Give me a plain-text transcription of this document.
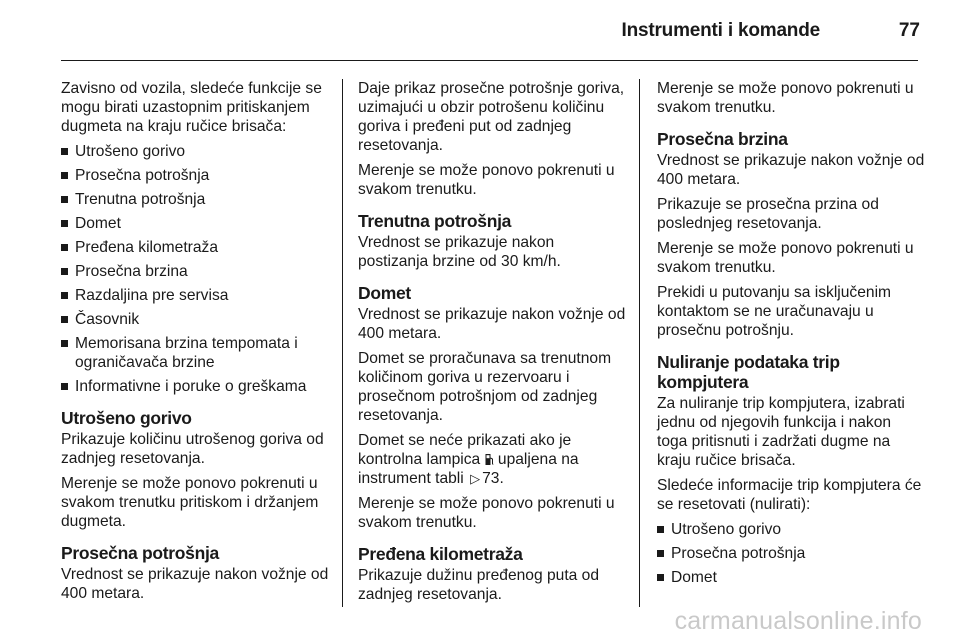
Instrumenti i komande	77

Zavisno od vozila, sledeće funkcije se mogu birati uzastopnim pritiskanjem dugmeta na kraju ručice brisača:

Utrošeno gorivo
Prosečna potrošnja
Trenutna potrošnja
Domet
Pređena kilometraža
Prosečna brzina
Razdaljina pre servisa
Časovnik
Memorisana brzina tempomata i ograničavača brzine
Informativne i poruke o greškama
Utrošeno gorivo

Prikazuje količinu utrošenog goriva od zadnjeg resetovanja.

Merenje se može ponovo pokrenuti u svakom trenutku pritiskom i držanjem dugmeta.

Prosečna potrošnja

Vrednost se prikazuje nakon vožnje od 400 metara.

Daje prikaz prosečne potrošnje goriva, uzimajući u obzir potrošenu količinu goriva i pređeni put od zadnjeg resetovanja.

Merenje se može ponovo pokrenuti u svakom trenutku.

Trenutna potrošnja

Vrednost se prikazuje nakon postizanja brzine od 30 km/h.

Domet

Vrednost se prikazuje nakon vožnje od 400 metara.

Domet se proračunava sa trenutnom količinom goriva u rezervoaru i prosečnom potrošnjom od zadnjeg resetovanja.

Domet se neće prikazati ako je kontrolna lampica upaljena na instrument tabli ▷ 73.

Merenje se može ponovo pokrenuti u svakom trenutku.

Pređena kilometraža

Prikazuje dužinu pređenog puta od zadnjeg resetovanja.

Merenje se može ponovo pokrenuti u svakom trenutku.

Prosečna brzina

Vrednost se prikazuje nakon vožnje od 400 metara.

Prikazuje se prosečna przina od poslednjeg resetovanja.

Merenje se može ponovo pokrenuti u svakom trenutku.

Prekidi u putovanju sa isključenim kontaktom se ne uračunavaju u prosečnu potrošnju.

Nuliranje podataka trip kompjutera

Za nuliranje trip kompjutera, izabrati jednu od njegovih funkcija i nakon toga pritisnuti i zadržati dugme na kraju ručice brisača.

Sledeće informacije trip kompjutera će se resetovati (nulirati):

Utrošeno gorivo
Prosečna potrošnja
Domet
carmanualsonline.info
